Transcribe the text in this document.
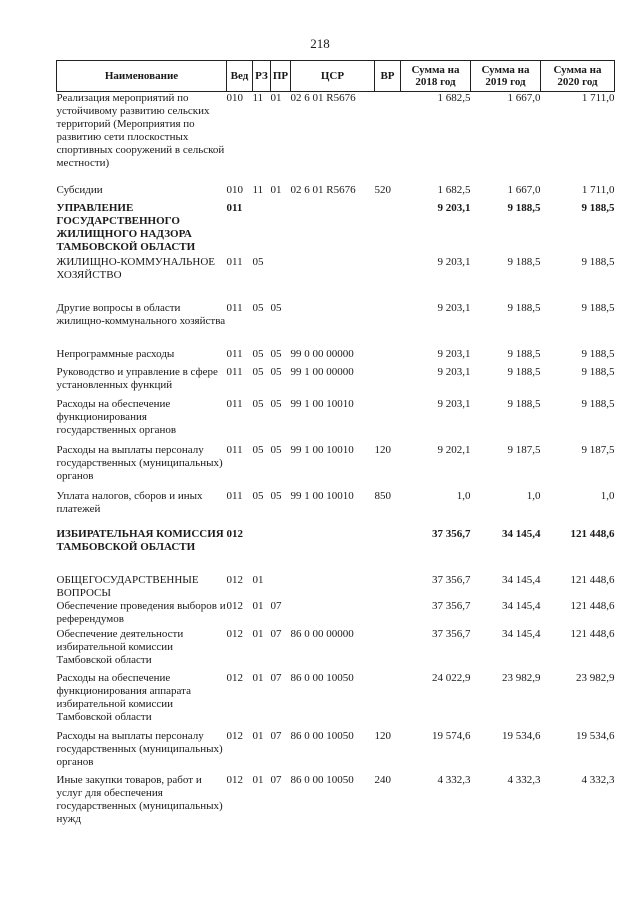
218
Наименование	Вед	РЗ	ПР	ЦСР	ВР	Сумма на 2018 год	Сумма на 2019 год	Сумма на 2020 год
Реализация мероприятий по устойчивому развитию сельских территорий (Мероприятия по развитию сети плоскостных спортивных сооружений в сельской местности)	010	11	01	02 6 01 R5676		1 682,5	1 667,0	1 711,0
Субсидии	010	11	01	02 6 01 R5676	520	1 682,5	1 667,0	1 711,0
УПРАВЛЕНИЕ ГОСУДАРСТВЕННОГО ЖИЛИЩНОГО НАДЗОРА ТАМБОВСКОЙ ОБЛАСТИ	011					9 203,1	9 188,5	9 188,5
ЖИЛИЩНО-КОММУНАЛЬНОЕ ХОЗЯЙСТВО	011	05				9 203,1	9 188,5	9 188,5
Другие вопросы в области жилищно-коммунального хозяйства	011	05	05			9 203,1	9 188,5	9 188,5
Непрограммные расходы	011	05	05	99 0 00 00000		9 203,1	9 188,5	9 188,5
Руководство и управление в сфере установленных функций	011	05	05	99 1 00 00000		9 203,1	9 188,5	9 188,5
Расходы на обеспечение функционирования государственных органов	011	05	05	99 1 00 10010		9 203,1	9 188,5	9 188,5
Расходы на выплаты персоналу государственных (муниципальных) органов	011	05	05	99 1 00 10010	120	9 202,1	9 187,5	9 187,5
Уплата налогов, сборов и иных платежей	011	05	05	99 1 00 10010	850	1,0	1,0	1,0
ИЗБИРАТЕЛЬНАЯ КОМИССИЯ ТАМБОВСКОЙ ОБЛАСТИ	012					37 356,7	34 145,4	121 448,6
ОБЩЕГОСУДАРСТВЕННЫЕ ВОПРОСЫ	012	01				37 356,7	34 145,4	121 448,6
Обеспечение проведения выборов и референдумов	012	01	07			37 356,7	34 145,4	121 448,6
Обеспечение деятельности избирательной комиссии Тамбовской области	012	01	07	86 0 00 00000		37 356,7	34 145,4	121 448,6
Расходы на обеспечение функционирования аппарата избирательной комиссии Тамбовской области	012	01	07	86 0 00 10050		24 022,9	23 982,9	23 982,9
Расходы на выплаты персоналу государственных (муниципальных) органов	012	01	07	86 0 00 10050	120	19 574,6	19 534,6	19 534,6
Иные закупки товаров, работ и услуг для обеспечения государственных (муниципальных) нужд	012	01	07	86 0 00 10050	240	4 332,3	4 332,3	4 332,3
